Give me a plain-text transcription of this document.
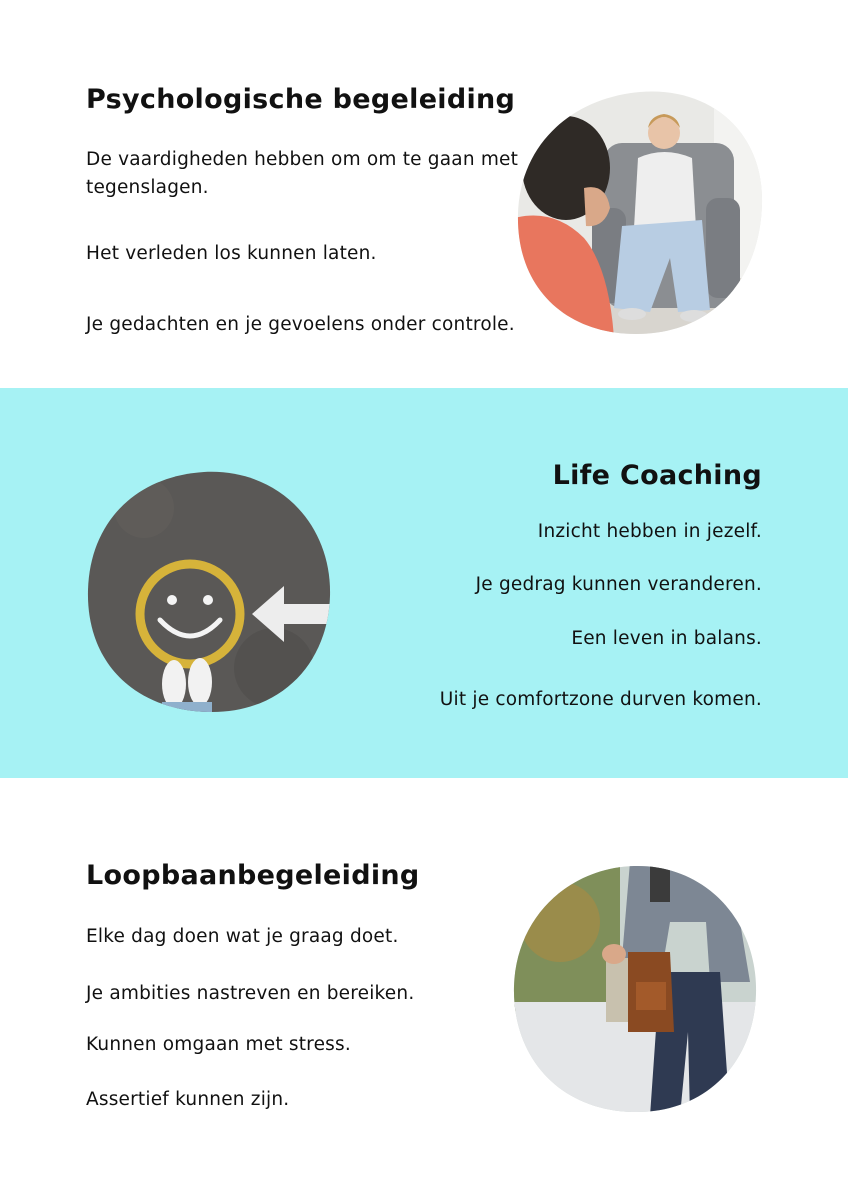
Psychologische begeleiding

De vaardigheden hebben om om te gaan met tegenslagen.

Het verleden los kunnen laten.

Je gedachten en je gevoelens onder controle.

Life Coaching

Inzicht hebben in jezelf.

Je gedrag kunnen veranderen.

Een leven in balans.

Uit je comfortzone durven komen.

Loopbaanbegeleiding

Elke dag doen wat je graag doet.

Je ambities nastreven en bereiken.

Kunnen omgaan met stress.

Assertief kunnen zijn.
